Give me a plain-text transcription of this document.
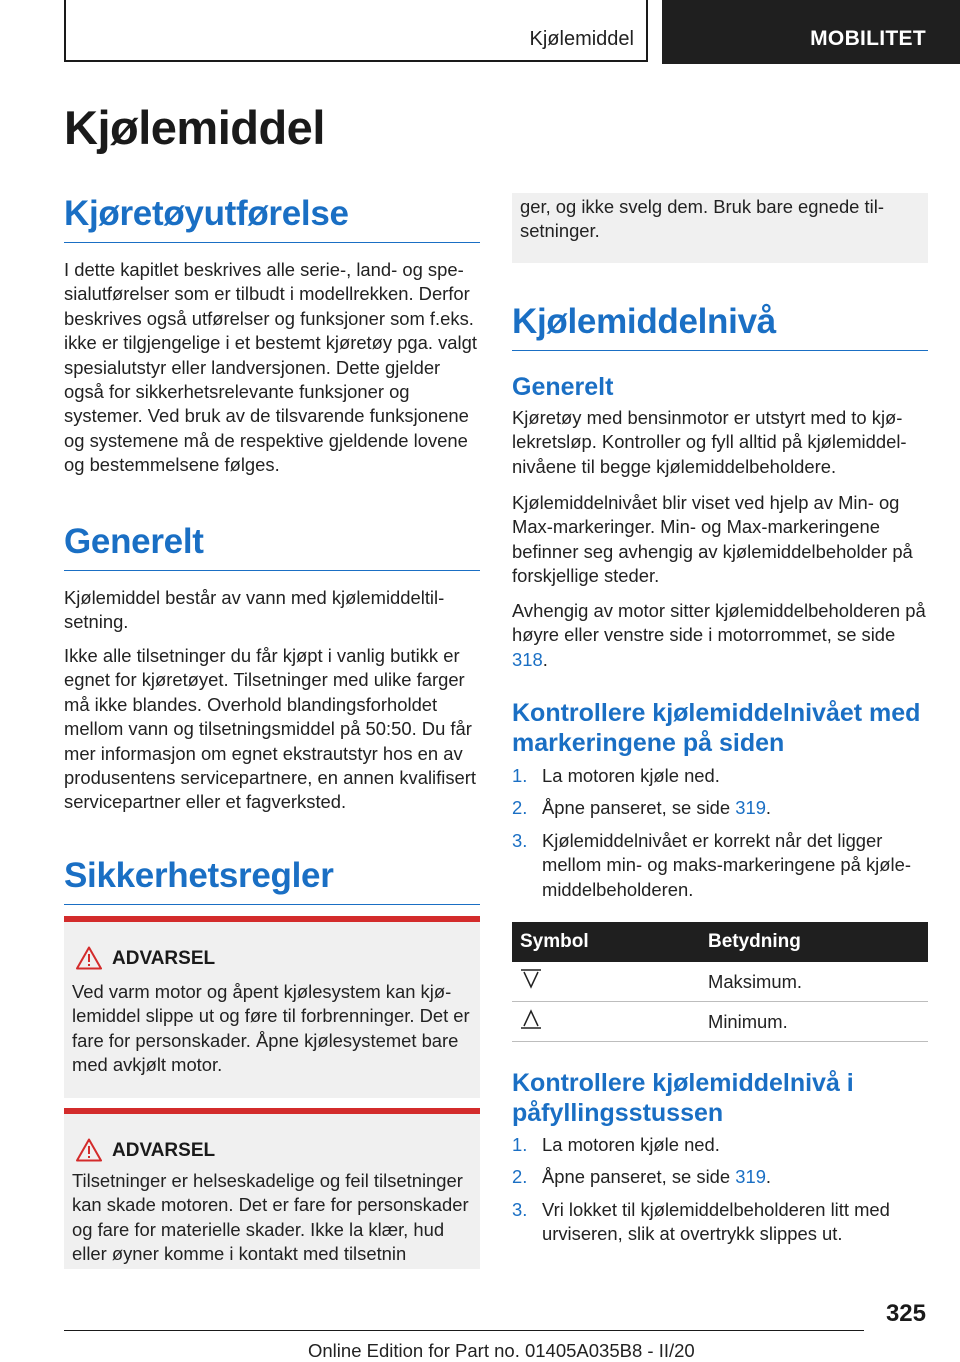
Kjølemiddel	MOBILITET
Kjølemiddel
Kjøretøyutførelse

I dette kapitlet beskrives alle serie-, land- og spesialutførelser som er tilbudt i modellrekken. Derfor beskrives også utførelser og funksjoner som f.eks. ikke er tilgjengelige i et bestemt kjøretøy pga. valgt spesialutstyr eller landversjonen. Dette gjelder også for sikkerhetsrelevante funksjoner og systemer. Ved bruk av de tilsvarende funksjonene og systemene må de respektive gjeldende lovene og bestemmelsene følges.

Generelt

Kjølemiddel består av vann med kjølemiddeltilsetning.

Ikke alle tilsetninger du får kjøpt i vanlig butikk er egnet for kjøretøyet. Tilsetninger med ulike farger må ikke blandes. Overhold blandingsforholdet mellom vann og tilsetningsmiddel på 50:50. Du får mer informasjon om egnet ekstrautstyr hos en av produsentens servicepartnere, en annen kvalifisert servicepartner eller et fagverksted.

Sikkerhetsregler
ADVARSEL

Ved varm motor og åpent kjølesystem kan kjølemiddel slippe ut og føre til forbrenninger. Det er fare for personskader. Åpne kjølesystemet bare med avkjølt motor.

ADVARSEL

Tilsetninger er helseskadelige og feil tilsetninger kan skade motoren. Det er fare for personskader og fare for materielle skader. Ikke la klær, hud eller øyner komme i kontakt med tilsetnin

ger, og ikke svelg dem. Bruk bare egnede tilsetninger.

Kjølemiddelnivå
Generelt

Kjøretøy med bensinmotor er utstyrt med to kjølekretsløp. Kontroller og fyll alltid på kjølemiddelnivåene til begge kjølemiddelbeholdere.

Kjølemiddelnivået blir viset ved hjelp av Min- og Max-markeringer. Min- og Max-markeringene befinner seg avhengig av kjølemiddelbeholder på forskjellige steder.

Avhengig av motor sitter kjølemiddelbeholderen på høyre eller venstre side i motorrommet, se side 318.

Kontrollere kjølemiddelnivået med markeringene på siden
1. La motoren kjøle ned.
2. Åpne panseret, se side 319.
3. Kjølemiddelnivået er korrekt når det ligger mellom min- og maks-markeringene på kjølemiddelbeholderen.
Symbol	Betydning
	Maksimum.
	Minimum.
Kontrollere kjølemiddelnivå i påfyllingsstussen
1. La motoren kjøle ned.
2. Åpne panseret, se side 319.
3. Vri lokket til kjølemiddelbeholderen litt med urviseren, slik at overtrykk slippes ut.
325
Online Edition for Part no. 01405A035B8 - II/20
